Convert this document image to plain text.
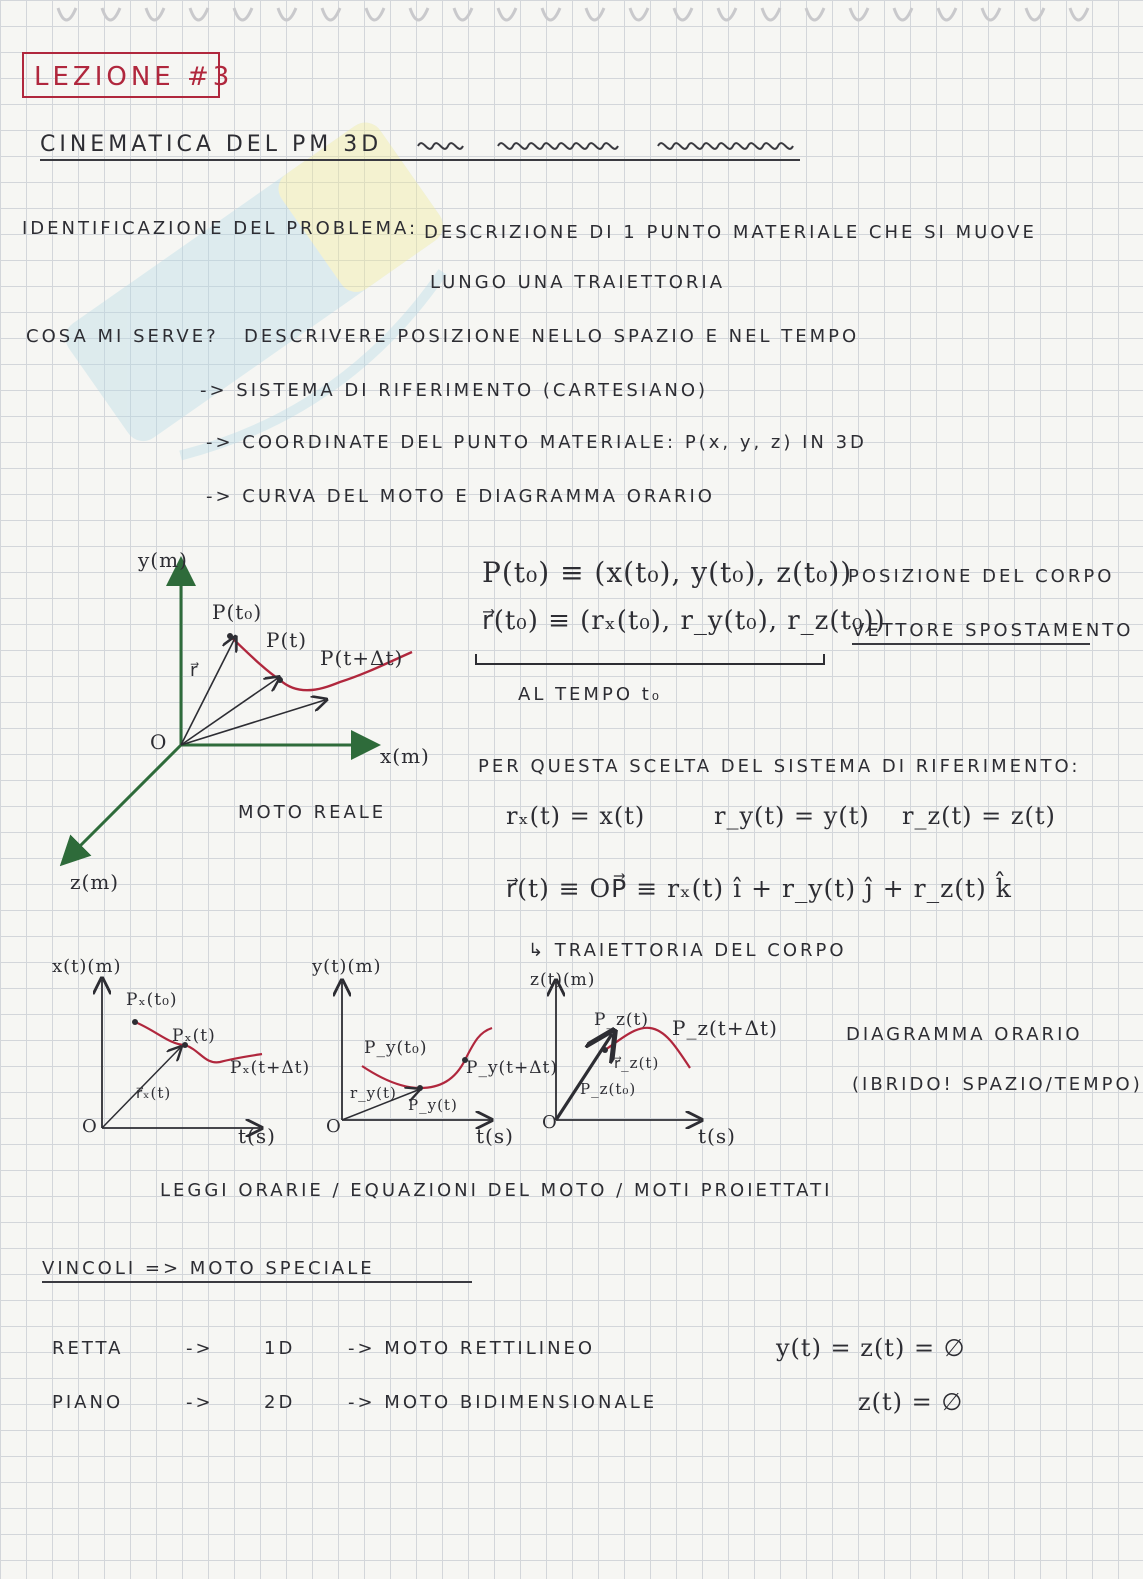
LEZIONE #3
CINEMATICA DEL PM 3D
IDENTIFICAZIONE DEL PROBLEMA: DESCRIZIONE DI 1 PUNTO MATERIALE CHE SI MUOVE
LUNGO UNA TRAIETTORIA
COSA MI SERVE? DESCRIVERE POSIZIONE NELLO SPAZIO E NEL TEMPO
-> SISTEMA DI RIFERIMENTO (CARTESIANO)
-> COORDINATE DEL PUNTO MATERIALE: P(x, y, z) IN 3D
-> CURVA DEL MOTO E DIAGRAMMA ORARIO
y(m)
x(m)
z(m)
O
r⃗
P(t₀)
P(t)
P(t+Δt)
MOTO REALE
P(t₀) ≡ (x(t₀), y(t₀), z(t₀))
r⃗(t₀) ≡ (rₓ(t₀), r_y(t₀), r_z(t₀))
POSIZIONE DEL CORPO
VETTORE SPOSTAMENTO
AL TEMPO t₀
PER QUESTA SCELTA DEL SISTEMA DI RIFERIMENTO:
rₓ(t) = x(t)	r_y(t) = y(t) r_z(t) = z(t)
r⃗(t) ≡ OP⃗ ≡ rₓ(t) î + r_y(t) ĵ + r_z(t) k̂
↳ TRAIETTORIA DEL CORPO
x(t)(m)
t(s)
O
Pₓ(t₀)
Pₓ(t)
Pₓ(t+Δt)
r⃗ₓ(t)
y(t)(m)
t(s)
O
P_y(t₀)
P_y(t)
P_y(t+Δt)
r_y(t)
z(t)(m)
t(s)
O
P_z(t₀)
P_z(t) P_z(t+Δt)
r⃗_z(t)
DIAGRAMMA ORARIO
(IBRIDO! SPAZIO/TEMPO)
LEGGI ORARIE / EQUAZIONI DEL MOTO / MOTI PROIETTATI
VINCOLI => MOTO SPECIALE
RETTA	->	1D	-> MOTO RETTILINEO	y(t) = z(t) = ∅
PIANO	->	2D	-> MOTO BIDIMENSIONALE	z(t) = ∅
